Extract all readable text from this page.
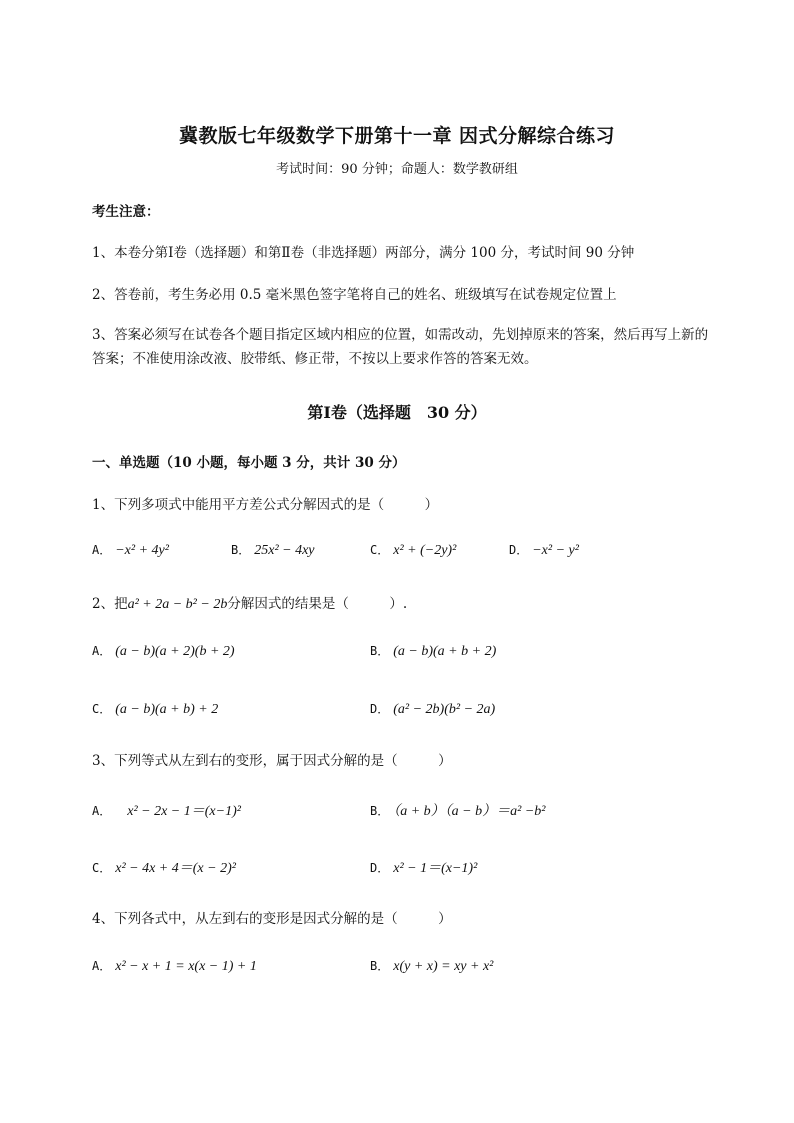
冀教版七年级数学下册第十一章 因式分解综合练习
考试时间：90 分钟；命题人：数学教研组
考生注意：
1、本卷分第Ⅰ卷（选择题）和第Ⅱ卷（非选择题）两部分，满分 100 分，考试时间 90 分钟
2、答卷前，考生务必用 0.5 毫米黑色签字笔将自己的姓名、班级填写在试卷规定位置上
3、答案必须写在试卷各个题目指定区域内相应的位置，如需改动，先划掉原来的答案，然后再写上新的答案；不准使用涂改液、胶带纸、修正带，不按以上要求作答的答案无效。
第Ⅰ卷（选择题　30 分）
一、单选题（10 小题，每小题 3 分，共计 30 分）
1、下列多项式中能用平方差公式分解因式的是（　　　）
A． −x² + 4y²	B． 25x² − 4xy	C． x² + (−2y)²	D． −x² − y²
2、把a² + 2a − b² − 2b分解因式的结果是（　　　）.
A． (a − b)(a + 2)(b + 2)	B． (a − b)(a + b + 2)
C． (a − b)(a + b) + 2	D． (a² − 2b)(b² − 2a)
3、下列等式从左到右的变形，属于因式分解的是（　　　）
A． x² − 2x − 1＝(x−1)²	B． （a + b）（a − b）＝a² −b²
C． x² − 4x + 4＝(x − 2)²	D． x² − 1＝(x−1)²
4、下列各式中，从左到右的变形是因式分解的是（　　　）
A． x² − x + 1 = x(x − 1) + 1	B． x(y + x) = xy + x²
